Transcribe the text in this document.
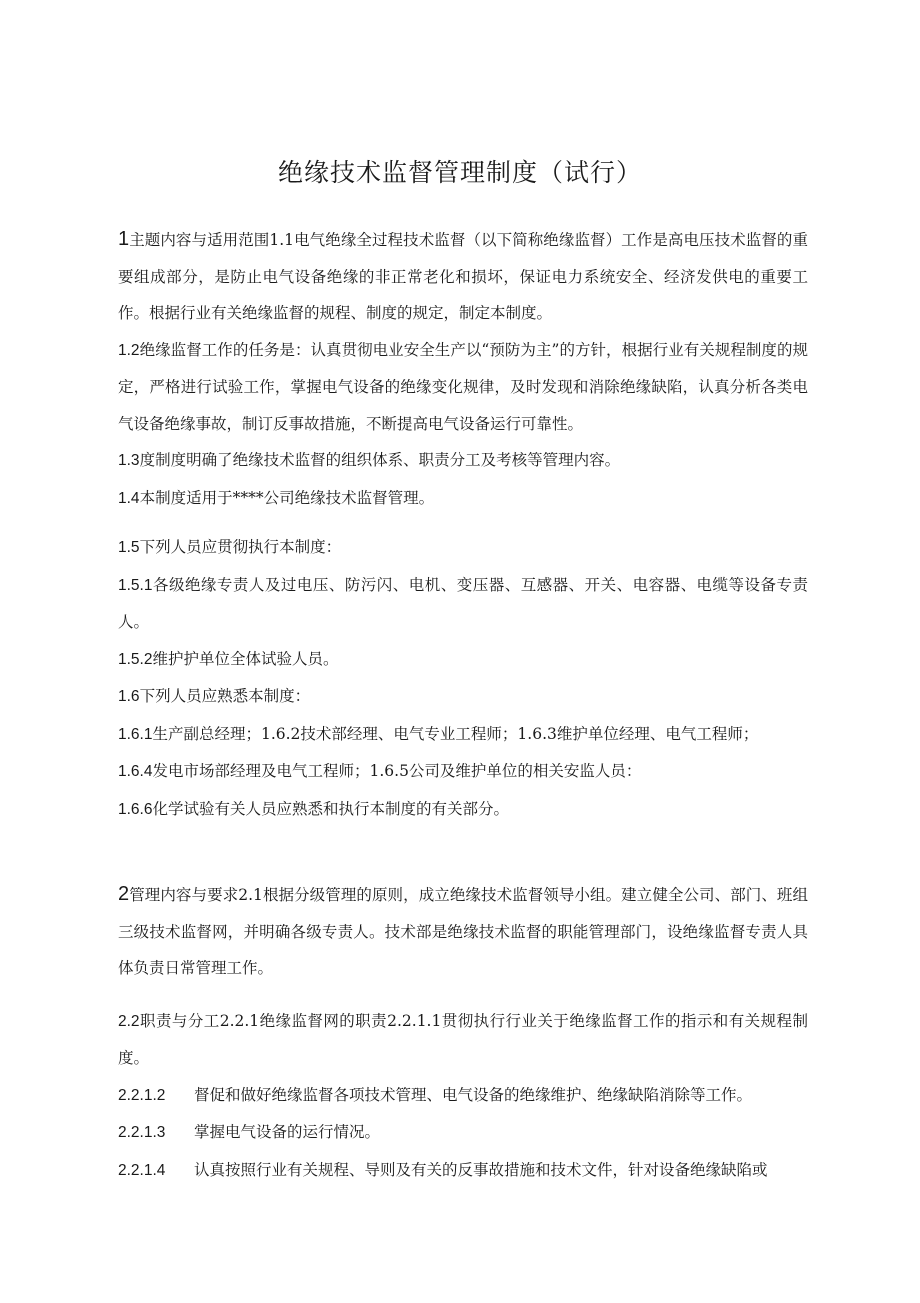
绝缘技术监督管理制度（试行）

1主题内容与适用范围1.1电气绝缘全过程技术监督（以下简称绝缘监督）工作是高电压技术监督的重要组成部分，是防止电气设备绝缘的非正常老化和损坏，保证电力系统安全、经济发供电的重要工作。根据行业有关绝缘监督的规程、制度的规定，制定本制度。

1.2绝缘监督工作的任务是：认真贯彻电业安全生产以“预防为主”的方针，根据行业有关规程制度的规定，严格进行试验工作，掌握电气设备的绝缘变化规律，及时发现和消除绝缘缺陷，认真分析各类电气设备绝缘事故，制订反事故措施，不断提高电气设备运行可靠性。

1.3度制度明确了绝缘技术监督的组织体系、职责分工及考核等管理内容。

1.4本制度适用于****公司绝缘技术监督管理。

1.5下列人员应贯彻执行本制度：

1.5.1各级绝缘专责人及过电压、防污闪、电机、变压器、互感器、开关、电容器、电缆等设备专责人。

1.5.2维护护单位全体试验人员。

1.6下列人员应熟悉本制度：

1.6.1生产副总经理；1.6.2技术部经理、电气专业工程师；1.6.3维护单位经理、电气工程师；

1.6.4发电市场部经理及电气工程师；1.6.5公司及维护单位的相关安监人员：

1.6.6化学试验有关人员应熟悉和执行本制度的有关部分。

2管理内容与要求2.1根据分级管理的原则，成立绝缘技术监督领导小组。建立健全公司、部门、班组三级技术监督网，并明确各级专责人。技术部是绝缘技术监督的职能管理部门，设绝缘监督专责人具体负责日常管理工作。

2.2职责与分工2.2.1绝缘监督网的职责2.2.1.1贯彻执行行业关于绝缘监督工作的指示和有关规程制度。

2.2.1.2 督促和做好绝缘监督各项技术管理、电气设备的绝缘维护、绝缘缺陷消除等工作。

2.2.1.3 掌握电气设备的运行情况。

2.2.1.4 认真按照行业有关规程、导则及有关的反事故措施和技术文件，针对设备绝缘缺陷或
